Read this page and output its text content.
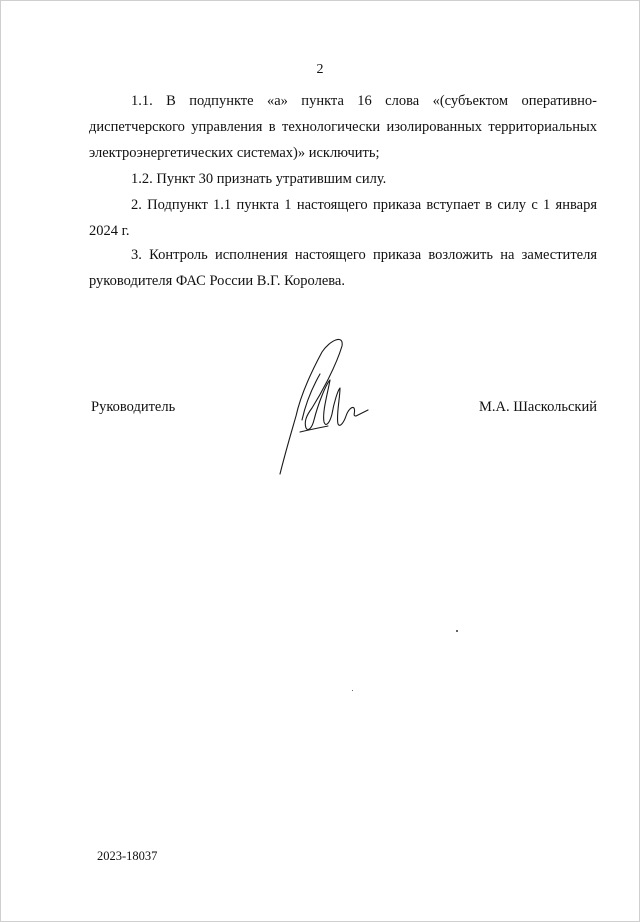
2
1.1. В подпункте «а» пункта 16 слова «(субъектом оперативно-
диспетчерского управления в технологически изолированных территориальных
электроэнергетических системах)» исключить;
1.2. Пункт 30 признать утратившим силу.
2. Подпункт 1.1 пункта 1 настоящего приказа вступает в силу с 1 января
2024 г.
3. Контроль исполнения настоящего приказа возложить на заместителя
руководителя ФАС России В.Г. Королева.
Руководитель	М.А. Шаскольский
2023-18037
